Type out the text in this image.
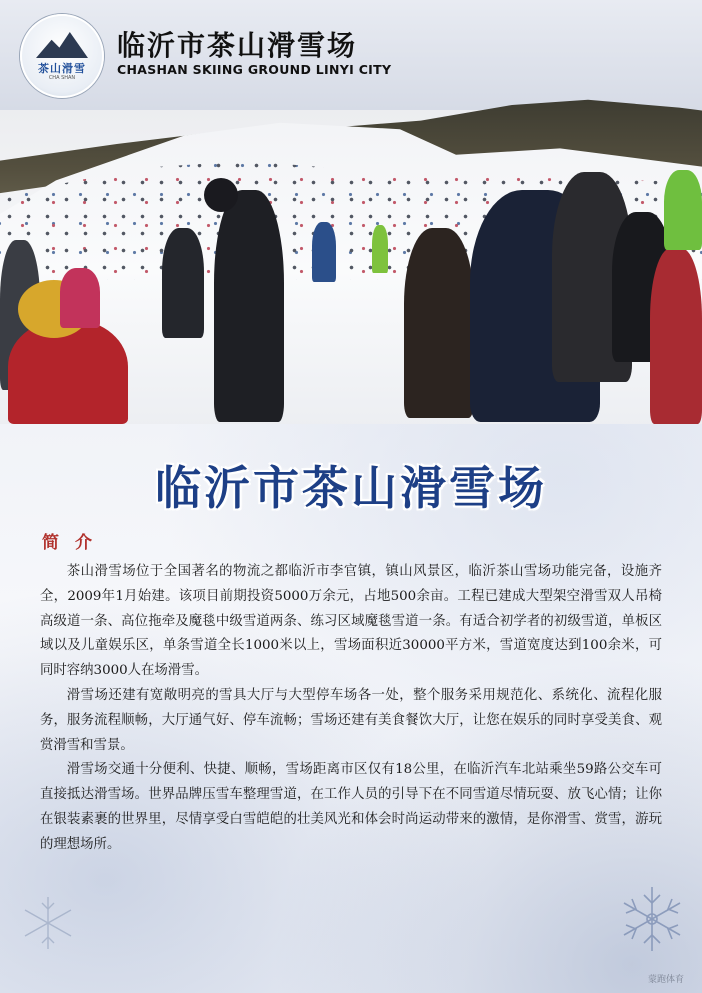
茶山滑雪
CHA SHAN
临沂市茶山滑雪场
CHASHAN SKIING GROUND LINYI CITY
临沂市茶山滑雪场
简介

茶山滑雪场位于全国著名的物流之都临沂市李官镇，镇山风景区，临沂茶山雪场功能完备，设施齐全，2009年1月始建。该项目前期投资5000万余元，占地500余亩。工程已建成大型架空滑雪双人吊椅高级道一条、高位拖牵及魔毯中级雪道两条、练习区域魔毯雪道一条。有适合初学者的初级雪道，单板区域以及儿童娱乐区，单条雪道全长1000米以上，雪场面积近30000平方米，雪道宽度达到100余米，可同时容纳3000人在场滑雪。

滑雪场还建有宽敞明亮的雪具大厅与大型停车场各一处，整个服务采用规范化、系统化、流程化服务，服务流程顺畅，大厅通气好、停车流畅；雪场还建有美食餐饮大厅，让您在娱乐的同时享受美食、观赏滑雪和雪景。

滑雪场交通十分便利、快捷、顺畅，雪场距离市区仅有18公里，在临沂汽车北站乘坐59路公交车可直接抵达滑雪场。世界品牌压雪车整理雪道，在工作人员的引导下在不同雪道尽情玩耍、放飞心情；让你在银装素裹的世界里，尽情享受白雪皑皑的壮美风光和体会时尚运动带来的激情，是你滑雪、赏雪，游玩的理想场所。

蒙跑体育
